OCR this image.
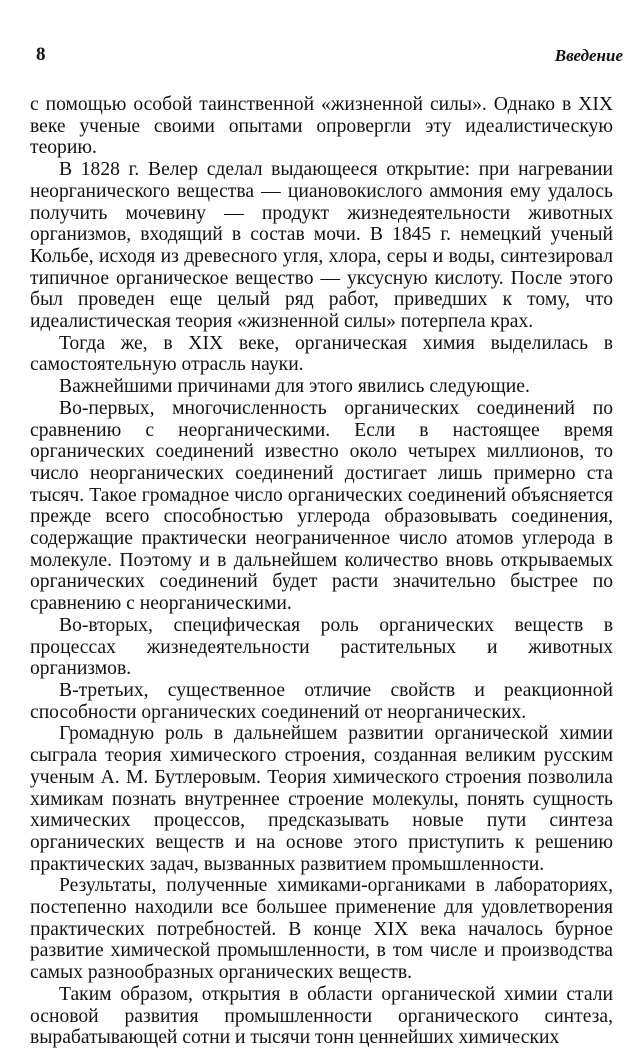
8	Введение

с помощью особой таинственной «жизненной силы». Однако в XIX веке ученые своими опытами опровергли эту идеалистическую теорию.

В 1828 г. Велер сделал выдающееся открытие: при нагревании неорганического вещества — циановокислого аммония ему удалось получить мочевину — продукт жизнедеятельности животных организмов, входящий в состав мочи. В 1845 г. немецкий ученый Кольбе, исходя из древесного угля, хлора, серы и воды, синтезировал типичное органическое вещество — уксусную кислоту. После этого был проведен еще целый ряд работ, приведших к тому, что идеалистическая теория «жизненной силы» потерпела крах.

Тогда же, в XIX веке, органическая химия выделилась в самостоятельную отрасль науки.

Важнейшими причинами для этого явились следующие.

Во-первых, многочисленность органических соединений по сравнению с неорганическими. Если в настоящее время органических соединений известно около четырех миллионов, то число неорганических соединений достигает лишь примерно ста тысяч. Такое громадное число органических соединений объясняется прежде всего способностью углерода образовывать соединения, содержащие практически неограниченное число атомов углерода в молекуле. Поэтому и в дальнейшем количество вновь открываемых органических соединений будет расти значительно быстрее по сравнению с неорганическими.

Во-вторых, специфическая роль органических веществ в процессах жизнедеятельности растительных и животных организмов.

В-третьих, существенное отличие свойств и реакционной способности органических соединений от неорганических.

Громадную роль в дальнейшем развитии органической химии сыграла теория химического строения, созданная великим русским ученым А. М. Бутлеровым. Теория химического строения позволила химикам познать внутреннее строение молекулы, понять сущность химических процессов, предсказывать новые пути синтеза органических веществ и на основе этого приступить к решению практических задач, вызванных развитием промышленности.

Результаты, полученные химиками-органиками в лабораториях, постепенно находили все большее применение для удовлетворения практических потребностей. В конце XIX века началось бурное развитие химической промышленности, в том числе и производства самых разнообразных органических веществ.

Таким образом, открытия в области органической химии стали основой развития промышленности органического синтеза, вырабатывающей сотни и тысячи тонн ценнейших химических
